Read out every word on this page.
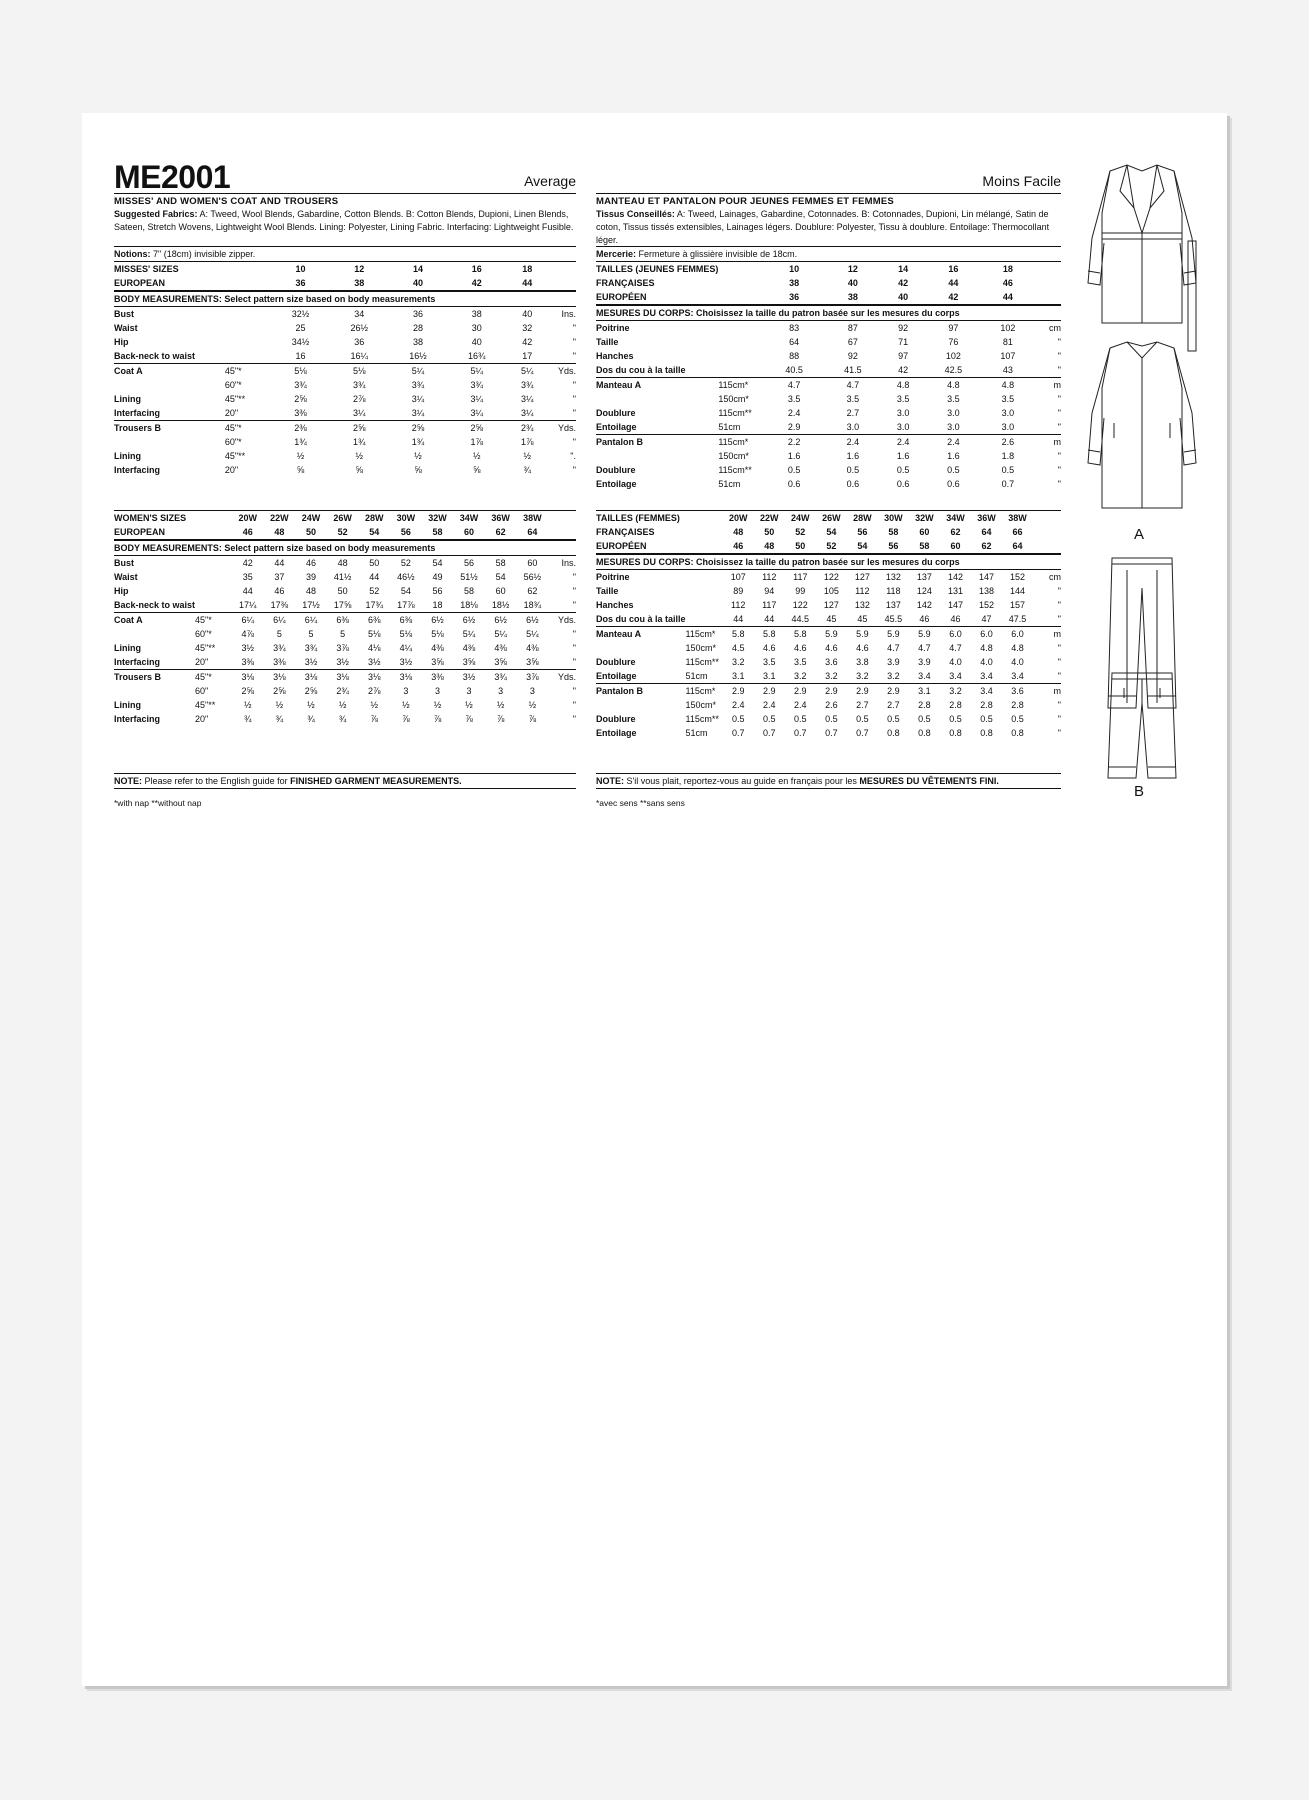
ME2001	Average
MISSES' AND WOMEN'S COAT AND TROUSERS
Suggested Fabrics: A: Tweed, Wool Blends, Gabardine, Cotton Blends. B: Cotton Blends, Dupioni, Linen Blends, Sateen, Stretch Wovens, Lightweight Wool Blends. Lining: Polyester, Lining Fabric. Interfacing: Lightweight Fusible.
Notions: 7" (18cm) invisible zipper.
MISSES' SIZES		10	12	14	16	18	
EUROPEAN		36	38	40	42	44	
BODY MEASUREMENTS: Select pattern size based on body measurements							
Bust		32½	34	36	38	40	Ins.
Waist		25	26½	28	30	32	"
Hip		34½	36	38	40	42	"
Back-neck to waist		16	16¼	16½	16¾	17	"
Coat A	45"*	5⅛	5⅛	5¼	5¼	5¼	Yds.
	60"*	3¾	3¾	3¾	3¾	3¾	"
Lining	45"**	2⅝	2⅞	3¼	3¼	3¼	"
Interfacing	20"	3⅜	3¼	3¼	3¼	3¼	"
Trousers B	45"*	2⅜	2⅝	2⅝	2⅝	2¾	Yds.
	60"*	1¾	1¾	1¾	1⅞	1⅞	"
Lining	45"**	½	½	½	½	½	".
Interfacing	20"	⅝	⅝	⅝	⅝	¾	"
WOMEN'S SIZES		20W	22W	24W	26W	28W	30W	32W	34W	36W	38W	
EUROPEAN		46	48	50	52	54	56	58	60	62	64	
BODY MEASUREMENTS: Select pattern size based on body measurements												
Bust		42	44	46	48	50	52	54	56	58	60	Ins.
Waist		35	37	39	41½	44	46½	49	51½	54	56½	"
Hip		44	46	48	50	52	54	56	58	60	62	"
Back-neck to waist		17¼	17⅜	17½	17⅝	17¾	17⅞	18	18⅛	18½	18¾	"
Coat A	45"*	6¼	6¼	6¼	6⅜	6⅜	6⅜	6½	6½	6½	6½	Yds.
	60"*	4⅞	5	5	5	5⅛	5⅛	5⅛	5¼	5¼	5¼	"
Lining	45"**	3½	3¾	3¾	3⅞	4⅛	4¼	4⅜	4⅜	4⅜	4⅜	"
Interfacing	20"	3⅜	3⅜	3½	3½	3½	3½	3⅝	3⅝	3⅝	3⅝	"
Trousers B	45"*	3⅛	3⅛	3⅛	3⅛	3⅛	3⅛	3⅜	3½	3¾	3⅞	Yds.
	60"	2⅝	2⅝	2⅝	2¾	2⅞	3	3	3	3	3	"
Lining	45"**	½	½	½	½	½	½	½	½	½	½	"
Interfacing	20"	¾	¾	¾	¾	⅞	⅞	⅞	⅞	⅞	⅞	"
NOTE: Please refer to the English guide for FINISHED GARMENT MEASUREMENTS.
*with nap **without nap
Moins Facile
MANTEAU ET PANTALON POUR JEUNES FEMMES ET FEMMES
Tissus Conseillés: A: Tweed, Lainages, Gabardine, Cotonnades. B: Cotonnades, Dupioni, Lin mélangé, Satin de coton, Tissus tissés extensibles, Lainages légers. Doublure: Polyester, Tissu à doublure. Entoilage: Thermocollant léger.
Mercerie: Fermeture à glissière invisible de 18cm.
TAILLES (JEUNES FEMMES)		10	12	14	16	18	
FRANÇAISES		38	40	42	44	46	
EUROPÉEN		36	38	40	42	44	
MESURES DU CORPS: Choisissez la taille du patron basée sur les mesures du corps							
Poitrine		83	87	92	97	102	cm
Taille		64	67	71	76	81	"
Hanches		88	92	97	102	107	"
Dos du cou à la taille		40.5	41.5	42	42.5	43	"
Manteau A	115cm*	4.7	4.7	4.8	4.8	4.8	m
	150cm*	3.5	3.5	3.5	3.5	3.5	"
Doublure	115cm**	2.4	2.7	3.0	3.0	3.0	"
Entoilage	51cm	2.9	3.0	3.0	3.0	3.0	"
Pantalon B	115cm*	2.2	2.4	2.4	2.4	2.6	m
	150cm*	1.6	1.6	1.6	1.6	1.8	"
Doublure	115cm**	0.5	0.5	0.5	0.5	0.5	"
Entoilage	51cm	0.6	0.6	0.6	0.6	0.7	"
TAILLES (FEMMES)		20W	22W	24W	26W	28W	30W	32W	34W	36W	38W	
FRANÇAISES		48	50	52	54	56	58	60	62	64	66	
EUROPÉEN		46	48	50	52	54	56	58	60	62	64	
MESURES DU CORPS: Choisissez la taille du patron basée sur les mesures du corps												
Poitrine		107	112	117	122	127	132	137	142	147	152	cm
Taille		89	94	99	105	112	118	124	131	138	144	"
Hanches		112	117	122	127	132	137	142	147	152	157	"
Dos du cou à la taille		44	44	44.5	45	45	45.5	46	46	47	47.5	"
Manteau A	115cm*	5.8	5.8	5.8	5.9	5.9	5.9	5.9	6.0	6.0	6.0	m
	150cm*	4.5	4.6	4.6	4.6	4.6	4.7	4.7	4.7	4.8	4.8	"
Doublure	115cm**	3.2	3.5	3.5	3.6	3.8	3.9	3.9	4.0	4.0	4.0	"
Entoilage	51cm	3.1	3.1	3.2	3.2	3.2	3.2	3.4	3.4	3.4	3.4	"
Pantalon B	115cm*	2.9	2.9	2.9	2.9	2.9	2.9	3.1	3.2	3.4	3.6	m
	150cm*	2.4	2.4	2.4	2.6	2.7	2.7	2.8	2.8	2.8	2.8	"
Doublure	115cm**	0.5	0.5	0.5	0.5	0.5	0.5	0.5	0.5	0.5	0.5	"
Entoilage	51cm	0.7	0.7	0.7	0.7	0.7	0.8	0.8	0.8	0.8	0.8	"
NOTE: S'il vous plait, reportez-vous au guide en français pour les MESURES DU VÊTEMENTS FINI.
*avec sens **sans sens
A
B
